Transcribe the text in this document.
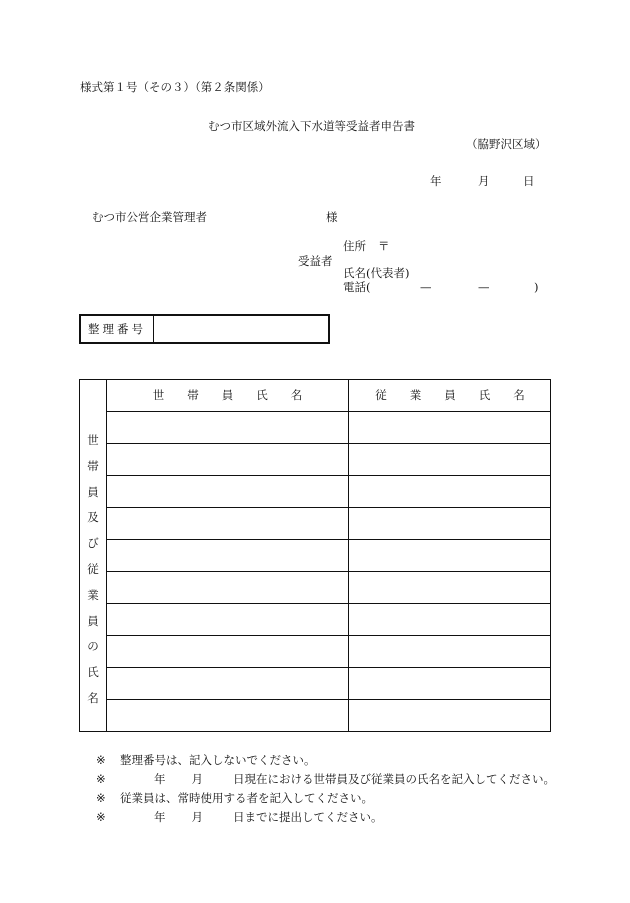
様式第１号（その３）（第２条関係）
むつ市区域外流入下水道等受益者申告書
（脇野沢区域）
年	月	日
むつ市公営企業管理者	様
受益者
住所 〒
氏名(代表者)
電話(	—	—	)
整理番号
世
帯
員
及
び
従
業
員
の
氏
名
世　　帯　　員　　氏　　名	従　　業　　員　　氏　　名
※ 整理番号は、記入しないでください。
※	年 月	日現在における世帯員及び従業員の氏名を記入してください。
※ 従業員は、常時使用する者を記入してください。
※	年 月	日までに提出してください。
